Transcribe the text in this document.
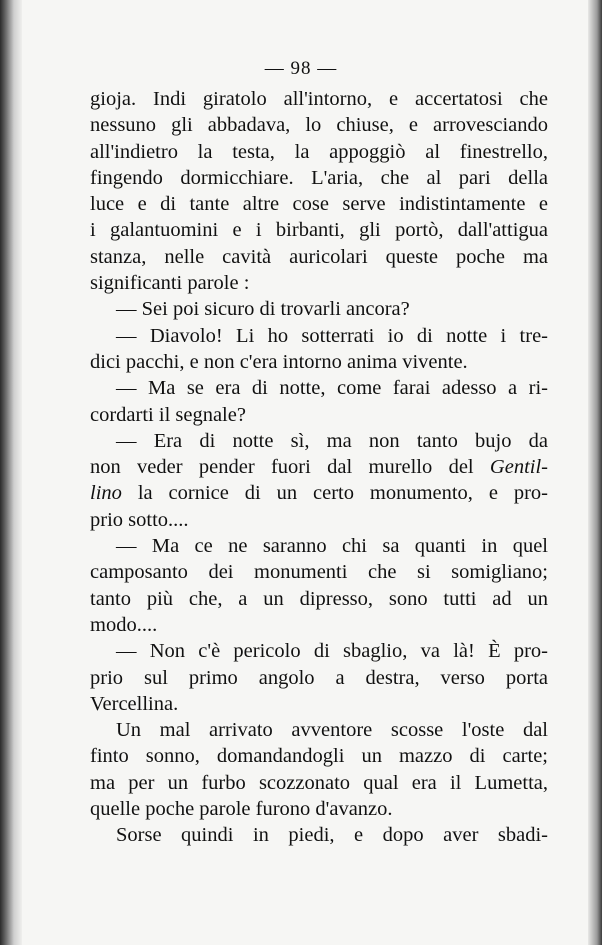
— 98 —
gioja. Indi giratolo all'intorno, e accertatosi che
nessuno gli abbadava, lo chiuse, e arrovesciando
all'indietro la testa, la appoggiò al finestrello,
fingendo dormicchiare. L'aria, che al pari della
luce e di tante altre cose serve indistintamente e
i galantuomini e i birbanti, gli portò, dall'attigua
stanza, nelle cavità auricolari queste poche ma
significanti parole :
— Sei poi sicuro di trovarli ancora?
— Diavolo! Li ho sotterrati io di notte i tre-
dici pacchi, e non c'era intorno anima vivente.
— Ma se era di notte, come farai adesso a ri-
cordarti il segnale?
— Era di notte sì, ma non tanto bujo da
non veder pender fuori dal murello del Gentil-
lino la cornice di un certo monumento, e pro-
prio sotto....
— Ma ce ne saranno chi sa quanti in quel
camposanto dei monumenti che si somigliano;
tanto più che, a un dipresso, sono tutti ad un
modo....
— Non c'è pericolo di sbaglio, va là! È pro-
prio sul primo angolo a destra, verso porta
Vercellina.
Un mal arrivato avventore scosse l'oste dal
finto sonno, domandandogli un mazzo di carte;
ma per un furbo scozzonato qual era il Lumetta,
quelle poche parole furono d'avanzo.
Sorse quindi in piedi, e dopo aver sbadi-
